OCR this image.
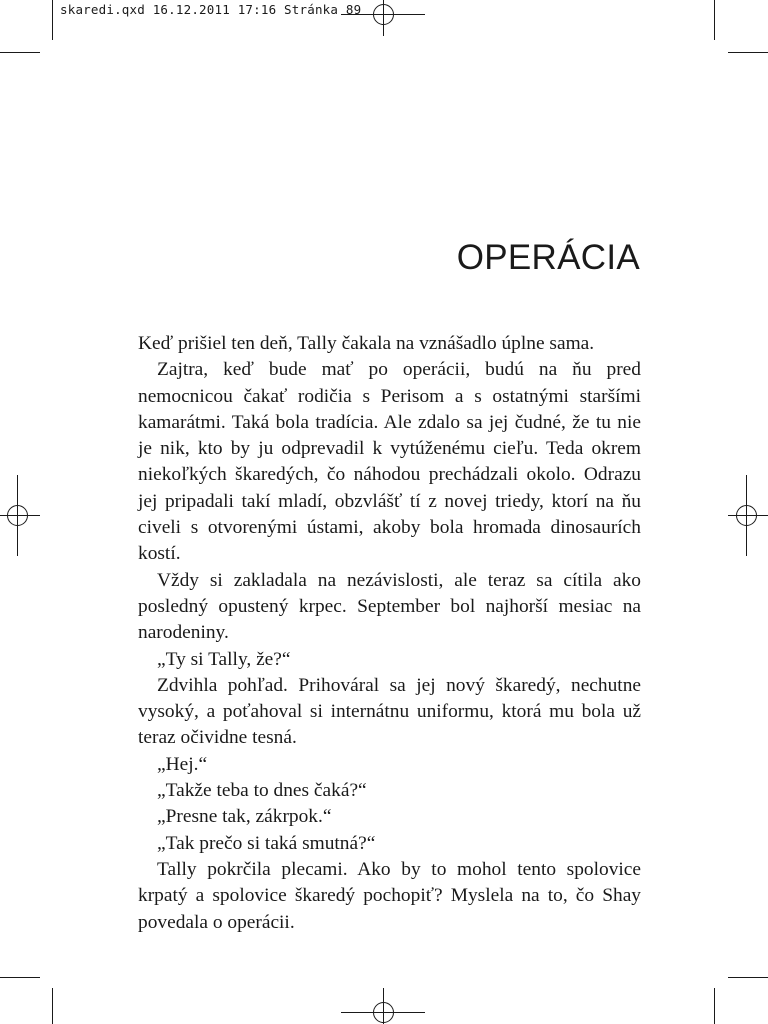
skaredi.qxd 16.12.2011 17:16 Stránka 89
OPERÁCIA

Keď prišiel ten deň, Tally čakala na vznášadlo úplne sama.

Zajtra, keď bude mať po operácii, budú na ňu pred nemocnicou čakať rodičia s Perisom a s ostatnými staršími kamarátmi. Taká bola tradícia. Ale zdalo sa jej čudné, že tu nie je nik, kto by ju odprevadil k vytúženému cieľu. Teda okrem niekoľkých škaredých, čo náhodou prechádzali okolo. Odrazu jej pripadali takí mladí, obzvlášť tí z novej triedy, ktorí na ňu civeli s otvorenými ústami, akoby bola hromada dinosaurích kostí.

Vždy si zakladala na nezávislosti, ale teraz sa cítila ako posledný opustený krpec. September bol najhorší mesiac na narodeniny.

„Ty si Tally, že?“

Zdvihla pohľad. Prihováral sa jej nový škaredý, nechutne vysoký, a poťahoval si internátnu uniformu, ktorá mu bola už teraz očividne tesná.

„Hej.“

„Takže teba to dnes čaká?“

„Presne tak, zákrpok.“

„Tak prečo si taká smutná?“

Tally pokrčila plecami. Ako by to mohol tento spolovice krpatý a spolovice škaredý pochopiť? Myslela na to, čo Shay povedala o operácii.
